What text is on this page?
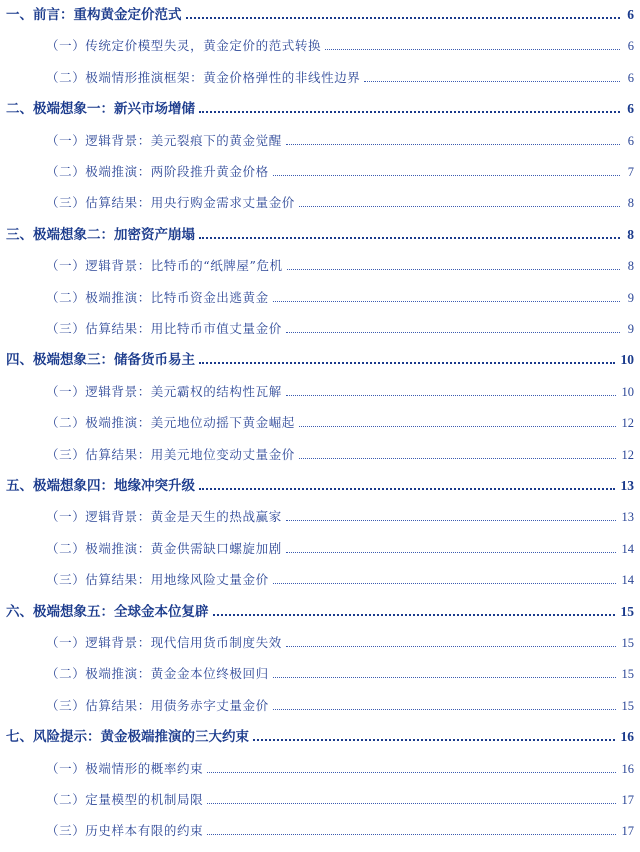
一、前言：重构黄金定价范式	6
（一）传统定价模型失灵，黄金定价的范式转换	6
（二）极端情形推演框架：黄金价格弹性的非线性边界	6
二、极端想象一：新兴市场增储	6
（一）逻辑背景：美元裂痕下的黄金觉醒	6
（二）极端推演：两阶段推升黄金价格	7
（三）估算结果：用央行购金需求丈量金价	8
三、极端想象二：加密资产崩塌	8
（一）逻辑背景：比特币的“纸牌屋”危机	8
（二）极端推演：比特币资金出逃黄金	9
（三）估算结果：用比特币市值丈量金价	9
四、极端想象三：储备货币易主	10
（一）逻辑背景：美元霸权的结构性瓦解	10
（二）极端推演：美元地位动摇下黄金崛起	12
（三）估算结果：用美元地位变动丈量金价	12
五、极端想象四：地缘冲突升级	13
（一）逻辑背景：黄金是天生的热战赢家	13
（二）极端推演：黄金供需缺口螺旋加剧	14
（三）估算结果：用地缘风险丈量金价	14
六、极端想象五：全球金本位复辟	15
（一）逻辑背景：现代信用货币制度失效	15
（二）极端推演：黄金金本位终极回归	15
（三）估算结果：用债务赤字丈量金价	15
七、风险提示：黄金极端推演的三大约束	16
（一）极端情形的概率约束	16
（二）定量模型的机制局限	17
（三）历史样本有限的约束	17
